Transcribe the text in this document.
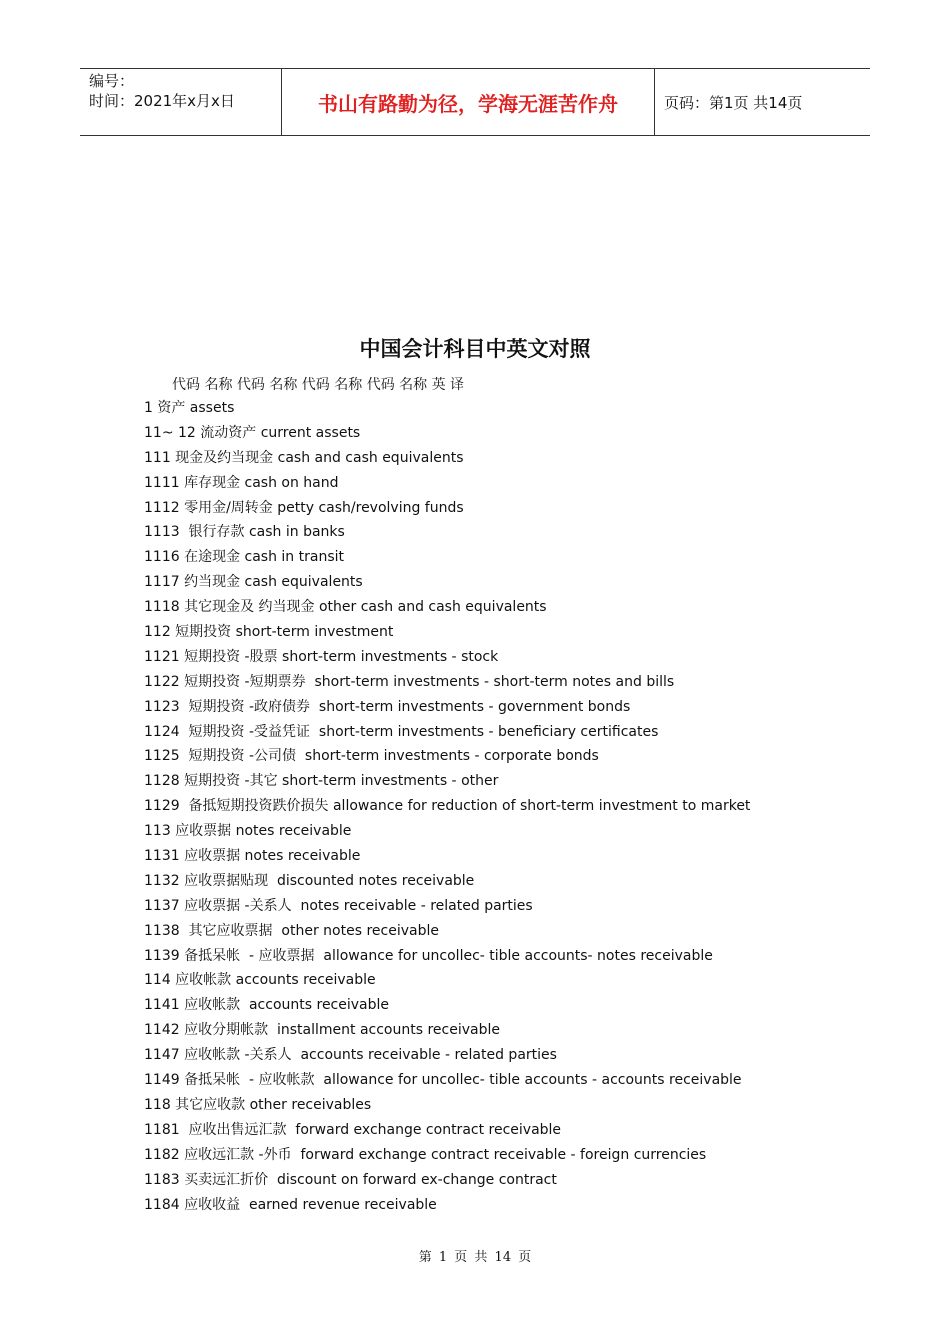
编号：
时间：2021年x月x日	书山有路勤为径，学海无涯苦作舟	页码：第1页 共14页
中国会计科目中英文对照
代码 名称 代码 名称 代码 名称 代码 名称 英 译
1 资产 assets
11~ 12 流动资产 current assets
111 现金及约当现金 cash and cash equivalents
1111 库存现金 cash on hand
1112 零用金/周转金 petty cash/revolving funds
1113  银行存款 cash in banks
1116 在途现金 cash in transit
1117 约当现金 cash equivalents
1118 其它现金及 约当现金 other cash and cash equivalents
112 短期投资 short-term investment
1121 短期投资 -股票 short-term investments - stock
1122 短期投资 -短期票券  short-term investments - short-term notes and bills
1123  短期投资 -政府债券  short-term investments - government bonds
1124  短期投资 -受益凭证  short-term investments - beneficiary certificates
1125  短期投资 -公司债  short-term investments - corporate bonds
1128 短期投资 -其它 short-term investments - other
1129  备抵短期投资跌价损失 allowance for reduction of short-term investment to market
113 应收票据 notes receivable
1131 应收票据 notes receivable
1132 应收票据贴现  discounted notes receivable
1137 应收票据 -关系人  notes receivable - related parties
1138  其它应收票据  other notes receivable
1139 备抵呆帐  - 应收票据  allowance for uncollec- tible accounts- notes receivable
114 应收帐款 accounts receivable
1141 应收帐款  accounts receivable
1142 应收分期帐款  installment accounts receivable
1147 应收帐款 -关系人  accounts receivable - related parties
1149 备抵呆帐  - 应收帐款  allowance for uncollec- tible accounts - accounts receivable
118 其它应收款 other receivables
1181  应收出售远汇款  forward exchange contract receivable
1182 应收远汇款 -外币  forward exchange contract receivable - foreign currencies
1183 买卖远汇折价  discount on forward ex-change contract
1184 应收收益  earned revenue receivable
第 1 页 共 14 页
